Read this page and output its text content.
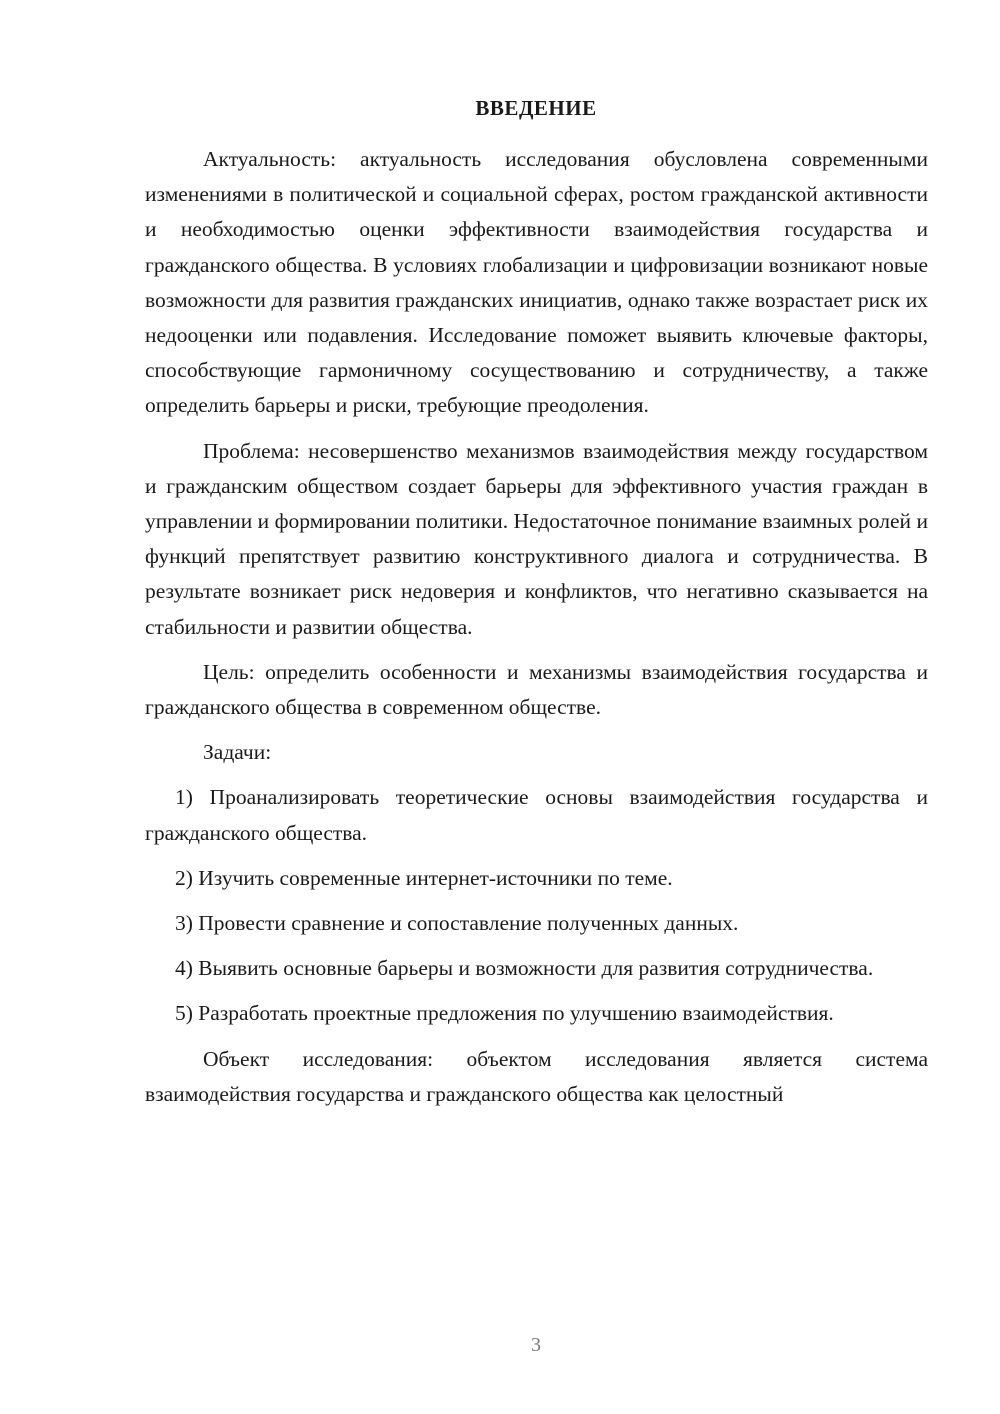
ВВЕДЕНИЕ

Актуальность: актуальность исследования обусловлена современными изменениями в политической и социальной сферах, ростом гражданской активности и необходимостью оценки эффективности взаимодействия государства и гражданского общества. В условиях глобализации и цифровизации возникают новые возможности для развития гражданских инициатив, однако также возрастает риск их недооценки или подавления. Исследование поможет выявить ключевые факторы, способствующие гармоничному сосуществованию и сотрудничеству, а также определить барьеры и риски, требующие преодоления.

Проблема: несовершенство механизмов взаимодействия между государством и гражданским обществом создает барьеры для эффективного участия граждан в управлении и формировании политики. Недостаточное понимание взаимных ролей и функций препятствует развитию конструктивного диалога и сотрудничества. В результате возникает риск недоверия и конфликтов, что негативно сказывается на стабильности и развитии общества.

Цель: определить особенности и механизмы взаимодействия государства и гражданского общества в современном обществе.

Задачи:

1) Проанализировать теоретические основы взаимодействия государства и гражданского общества.

2) Изучить современные интернет-источники по теме.

3) Провести сравнение и сопоставление полученных данных.

4) Выявить основные барьеры и возможности для развития сотрудничества.

5) Разработать проектные предложения по улучшению взаимодействия.

Объект исследования: объектом исследования является система взаимодействия государства и гражданского общества как целостный

3
